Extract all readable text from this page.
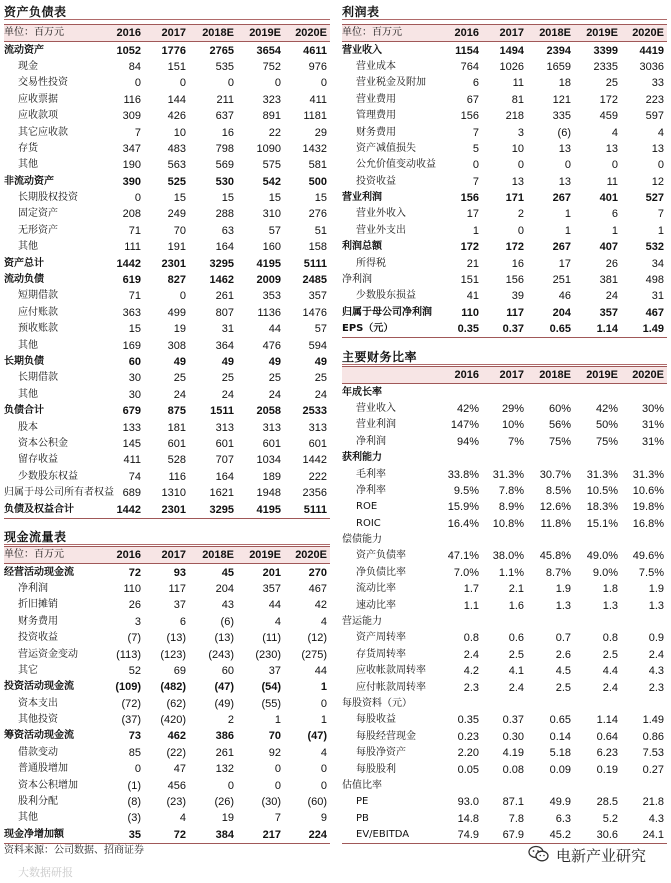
资产负债表	利润表
现金流量表
主要财务比率
单位：百万元	2016	2017	2018E	2019E	2020E
流动资产	1052	1776	2765	3654	4611
现金	84	151	535	752	976
交易性投资	0	0	0	0	0
应收票据	116	144	211	323	411
应收款项	309	426	637	891	1181
其它应收款	7	10	16	22	29
存货	347	483	798	1090	1432
其他	190	563	569	575	581
非流动资产	390	525	530	542	500
长期股权投资	0	15	15	15	15
固定资产	208	249	288	310	276
无形资产	71	70	63	57	51
其他	111	191	164	160	158
资产总计	1442	2301	3295	4195	5111
流动负债	619	827	1462	2009	2485
短期借款	71	0	261	353	357
应付账款	363	499	807	1136	1476
预收账款	15	19	31	44	57
其他	169	308	364	476	594
长期负债	60	49	49	49	49
长期借款	30	25	25	25	25
其他	30	24	24	24	24
负债合计	679	875	1511	2058	2533
股本	133	181	313	313	313
资本公积金	145	601	601	601	601
留存收益	411	528	707	1034	1442
少数股东权益	74	116	164	189	222
归属于母公司所有者权益	689	1310	1621	1948	2356
负债及权益合计	1442	2301	3295	4195	5111
单位：百万元	2016	2017	2018E	2019E	2020E
经营活动现金流	72	93	45	201	270
净利润	110	117	204	357	467
折旧摊销	26	37	43	44	42
财务费用	3	6	(6)	4	4
投资收益	(7)	(13)	(13)	(11)	(12)
营运资金变动	(113)	(123)	(243)	(230)	(275)
其它	52	69	60	37	44
投资活动现金流	(109)	(482)	(47)	(54)	1
资本支出	(72)	(62)	(49)	(55)	0
其他投资	(37)	(420)	2	1	1
筹资活动现金流	73	462	386	70	(47)
借款变动	85	(22)	261	92	4
普通股增加	0	47	132	0	0
资本公积增加	(1)	456	0	0	0
股利分配	(8)	(23)	(26)	(30)	(60)
其他	(3)	4	19	7	9
现金净增加额	35	72	384	217	224
单位：百万元	2016	2017	2018E	2019E	2020E
营业收入	1154	1494	2394	3399	4419
营业成本	764	1026	1659	2335	3036
营业税金及附加	6	11	18	25	33
营业费用	67	81	121	172	223
管理费用	156	218	335	459	597
财务费用	7	3	(6)	4	4
资产减值损失	5	10	13	13	13
公允价值变动收益	0	0	0	0	0
投资收益	7	13	13	11	12
营业利润	156	171	267	401	527
营业外收入	17	2	1	6	7
营业外支出	1	0	1	1	1
利润总额	172	172	267	407	532
所得税	21	16	17	26	34
净利润	151	156	251	381	498
少数股东损益	41	39	46	24	31
归属于母公司净利润	110	117	204	357	467
EPS（元）	0.35	0.37	0.65	1.14	1.49
	2016	2017	2018E	2019E	2020E
年成长率					
营业收入	42%	29%	60%	42%	30%
营业利润	147%	10%	56%	50%	31%
净利润	94%	7%	75%	75%	31%
获利能力					
毛利率	33.8%	31.3%	30.7%	31.3%	31.3%
净利率	9.5%	7.8%	8.5%	10.5%	10.6%
ROE	15.9%	8.9%	12.6%	18.3%	19.8%
ROIC	16.4%	10.8%	11.8%	15.1%	16.8%
偿债能力					
资产负债率	47.1%	38.0%	45.8%	49.0%	49.6%
净负债比率	7.0%	1.1%	8.7%	9.0%	7.5%
流动比率	1.7	2.1	1.9	1.8	1.9
速动比率	1.1	1.6	1.3	1.3	1.3
营运能力					
资产周转率	0.8	0.6	0.7	0.8	0.9
存货周转率	2.4	2.5	2.6	2.5	2.4
应收帐款周转率	4.2	4.1	4.5	4.4	4.3
应付帐款周转率	2.3	2.4	2.5	2.4	2.3
每股资料（元）					
每股收益	0.35	0.37	0.65	1.14	1.49
每股经营现金	0.23	0.30	0.14	0.64	0.86
每股净资产	2.20	4.19	5.18	6.23	7.53
每股股利	0.05	0.08	0.09	0.19	0.27
估值比率					
PE	93.0	87.1	49.9	28.5	21.8
PB	14.8	7.8	6.3	5.2	4.3
EV/EBITDA	74.9	67.9	45.2	30.6	24.1
资料来源：公司数据、招商证券
大数据研报
电新产业研究
